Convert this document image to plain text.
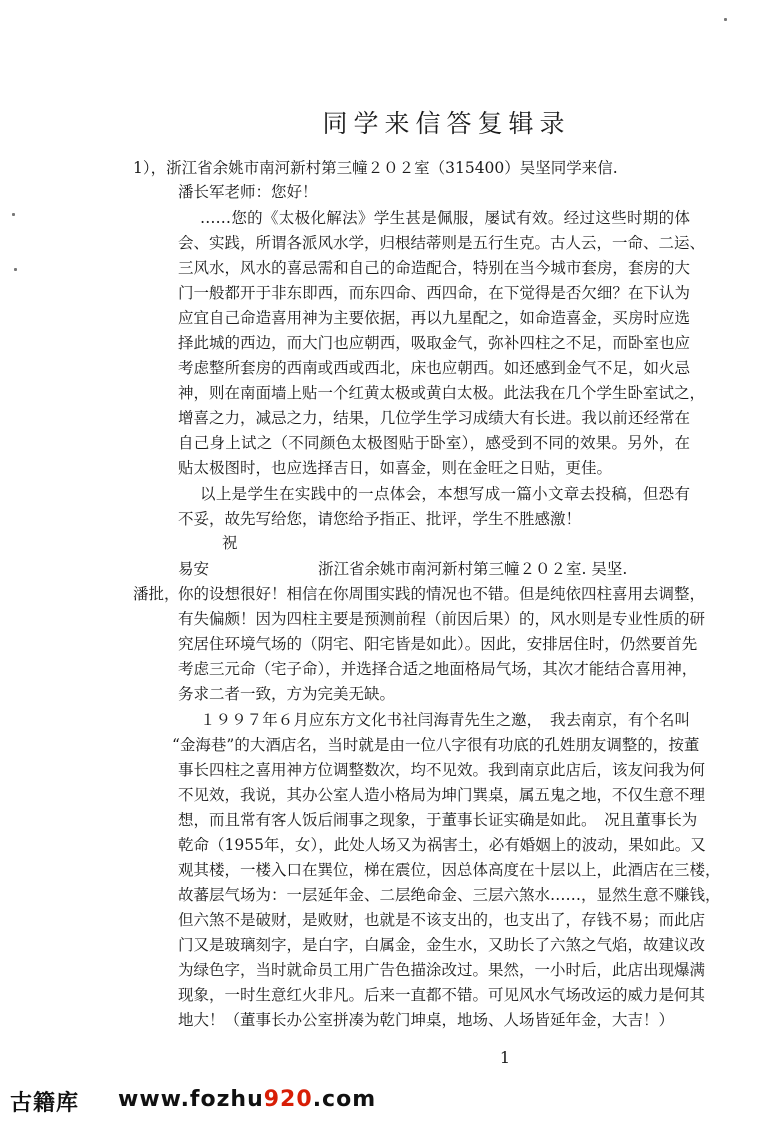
同学来信答复辑录
1），浙江省余姚市南河新村第三幢２０２室（315400）吴坚同学来信.
潘长军老师：您好！
……您的《太极化解法》学生甚是佩服，屡试有效。经过这些时期的体
会、实践，所谓各派风水学，归根结蒂则是五行生克。古人云，一命、二运、
三风水，风水的喜忌需和自己的命造配合，特别在当今城市套房，套房的大
门一般都开于非东即西，而东四命、西四命，在下觉得是否欠细？在下认为
应宜自己命造喜用神为主要依据，再以九星配之，如命造喜金，买房时应选
择此城的西边，而大门也应朝西，吸取金气，弥补四柱之不足，而卧室也应
考虑整所套房的西南或西或西北，床也应朝西。如还感到金气不足，如火忌
神，则在南面墙上贴一个红黄太极或黄白太极。此法我在几个学生卧室试之，
增喜之力，减忌之力，结果，几位学生学习成绩大有长进。我以前还经常在
自己身上试之（不同颜色太极图贴于卧室），感受到不同的效果。另外，在
贴太极图时，也应选择吉日，如喜金，则在金旺之日贴，更佳。
以上是学生在实践中的一点体会，本想写成一篇小文章去投稿，但恐有
不妥，故先写给您，请您给予指正、批评，学生不胜感激！
祝
易安	浙江省余姚市南河新村第三幢２０２室. 吴坚.
潘批，
你的设想很好！相信在你周围实践的情况也不错。但是纯依四柱喜用去调整，
有失偏颇！因为四柱主要是预测前程（前因后果）的，风水则是专业性质的研
究居住环境气场的（阴宅、阳宅皆是如此）。因此，安排居住时，仍然要首先
考虑三元命（宅子命），并选择合适之地面格局气场，其次才能结合喜用神，
务求二者一致，方为完美无缺。
１９９７年６月应东方文化书社闫海青先生之邀，　我去南京，有个名叫
“金海巷”的大酒店名，当时就是由一位八字很有功底的孔姓朋友调整的，按董
事长四柱之喜用神方位调整数次，均不见效。我到南京此店后，该友问我为何
不见效，我说，其办公室人造小格局为坤门巽桌，属五鬼之地，不仅生意不理
想，而且常有客人饭后闹事之现象，于董事长证实确是如此。　况且董事长为
乾命（1955年，女），此处人场又为祸害土，必有婚姻上的波动，果如此。又
观其楼，一楼入口在巽位，梯在震位，因总体高度在十层以上，此酒店在三楼，
故蕃层气场为：一层延年金、二层绝命金、三层六煞水……，显然生意不赚钱，
但六煞不是破财，是败财，也就是不该支出的，也支出了，存钱不易；而此店
门又是玻璃刻字，是白字，白属金，金生水，又助长了六煞之气焰，故建议改
为绿色字，当时就命员工用广告色描涂改过。果然，一小时后，此店出现爆满
现象，一时生意红火非凡。后来一直都不错。可见风水气场改运的威力是何其
地大！（董事长办公室拼凑为乾门坤桌，地场、人场皆延年金，大吉！）
1
古籍库 www.fozhu920.com
